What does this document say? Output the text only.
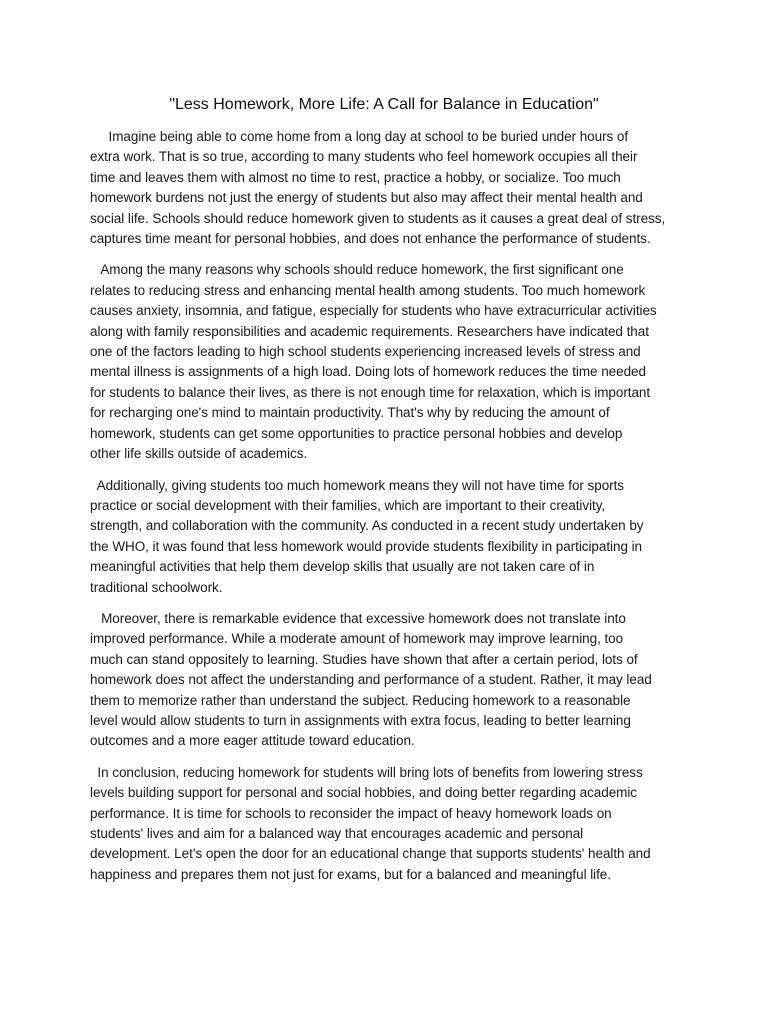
"Less Homework, More Life: A Call for Balance in Education"

Imagine being able to come home from a long day at school to be buried under hours of
extra work. That is so true, according to many students who feel homework occupies all their
time and leaves them with almost no time to rest, practice a hobby, or socialize. Too much
homework burdens not just the energy of students but also may affect their mental health and
social life. Schools should reduce homework given to students as it causes a great deal of stress,
captures time meant for personal hobbies, and does not enhance the performance of students.

Among the many reasons why schools should reduce homework, the first significant one
relates to reducing stress and enhancing mental health among students. Too much homework
causes anxiety, insomnia, and fatigue, especially for students who have extracurricular activities
along with family responsibilities and academic requirements. Researchers have indicated that
one of the factors leading to high school students experiencing increased levels of stress and
mental illness is assignments of a high load. Doing lots of homework reduces the time needed
for students to balance their lives, as there is not enough time for relaxation, which is important
for recharging one's mind to maintain productivity. That's why by reducing the amount of
homework, students can get some opportunities to practice personal hobbies and develop
other life skills outside of academics.

Additionally, giving students too much homework means they will not have time for sports
practice or social development with their families, which are important to their creativity,
strength, and collaboration with the community. As conducted in a recent study undertaken by
the WHO, it was found that less homework would provide students flexibility in participating in
meaningful activities that help them develop skills that usually are not taken care of in
traditional schoolwork.

Moreover, there is remarkable evidence that excessive homework does not translate into
improved performance. While a moderate amount of homework may improve learning, too
much can stand oppositely to learning. Studies have shown that after a certain period, lots of
homework does not affect the understanding and performance of a student. Rather, it may lead
them to memorize rather than understand the subject. Reducing homework to a reasonable
level would allow students to turn in assignments with extra focus, leading to better learning
outcomes and a more eager attitude toward education.

In conclusion, reducing homework for students will bring lots of benefits from lowering stress
levels building support for personal and social hobbies, and doing better regarding academic
performance. It is time for schools to reconsider the impact of heavy homework loads on
students' lives and aim for a balanced way that encourages academic and personal
development. Let’s open the door for an educational change that supports students' health and
happiness and prepares them not just for exams, but for a balanced and meaningful life.
